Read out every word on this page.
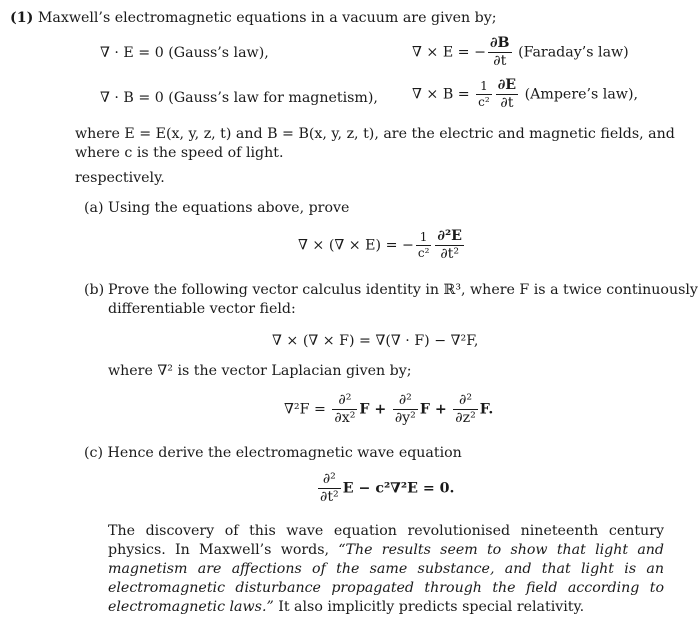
(1) Maxwell’s electromagnetic equations in a vacuum are given by;
∇ · E = 0 (Gauss’s law),	∇ × E = − $\frac{\partial B}{\partial t}$ (Faraday’s law)
∇ · B = 0 (Gauss’s law for magnetism), ∇ × $B = \frac{1}{\text{c²}} \frac{\partial E}{\partial t}$ (Ampere’s law),
where E = E(x, y, z, t) and B = B(x, y, z, t), are the electric and magnetic fields, and
where c is the speed of light.
respectively.
(a) Using the equations above, prove
∇ × (∇ × E) = − $\frac{1}{\text{c²}} \frac{\text{∂²E}}{\text{∂t²}}$
(b) Prove the following vector calculus identity in ℝ³, where F is a twice continuously
differentiable vector field:
∇ × (∇ × F) = ∇(∇ · F) − ∇²F,
where ∇² is the vector Laplacian given by;
$\nabla^2F = \frac{\text{∂²}}{\text{∂x²}}$ $F + \frac{\text{∂²}}{\text{∂y²}}$ $F + \frac{\text{∂²}}{\text{∂z²}} F$.
(c) Hence derive the electromagnetic wave equation
$\frac{\text{∂²}}{\text{∂t²}}$ E − c²∇²E = 0.
The discovery of this wave equation revolutionised nineteenth century physics. In Maxwell’s words, “The results seem to show that light and magnetism are affections of the same substance, and that light is an electromagnetic disturbance propagated through the field according to electromagnetic laws.” It also implicitly predicts special relativity.
